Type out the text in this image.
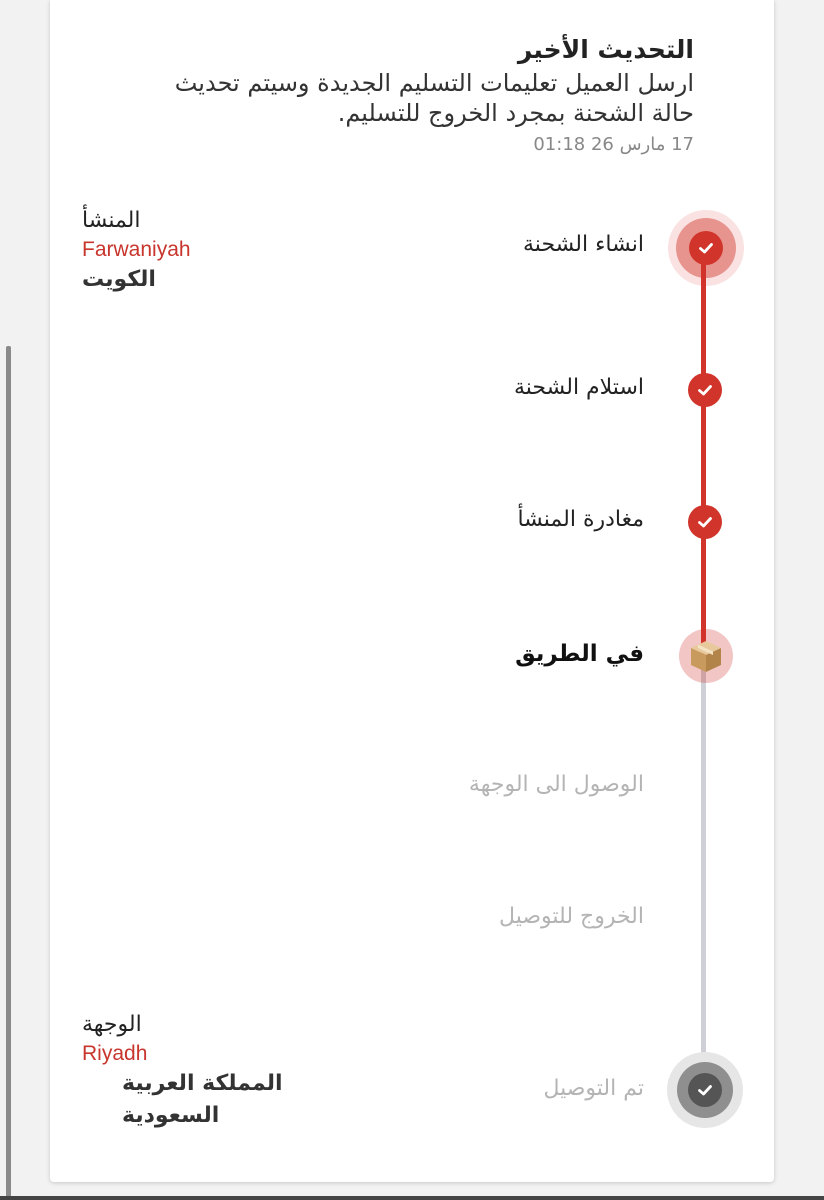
التحديث الأخير
ارسل العميل تعليمات التسليم الجديدة وسيتم تحديث حالة الشحنة بمجرد الخروج للتسليم.
17 مارس 26 01:18
انشاء الشحنة
استلام الشحنة
مغادرة المنشأ
في الطريق
الوصول الى الوجهة
الخروج للتوصيل
تم التوصيل
المنشأ
Farwaniyah
الكويت
الوجهة
Riyadh
المملكة العربية السعودية
